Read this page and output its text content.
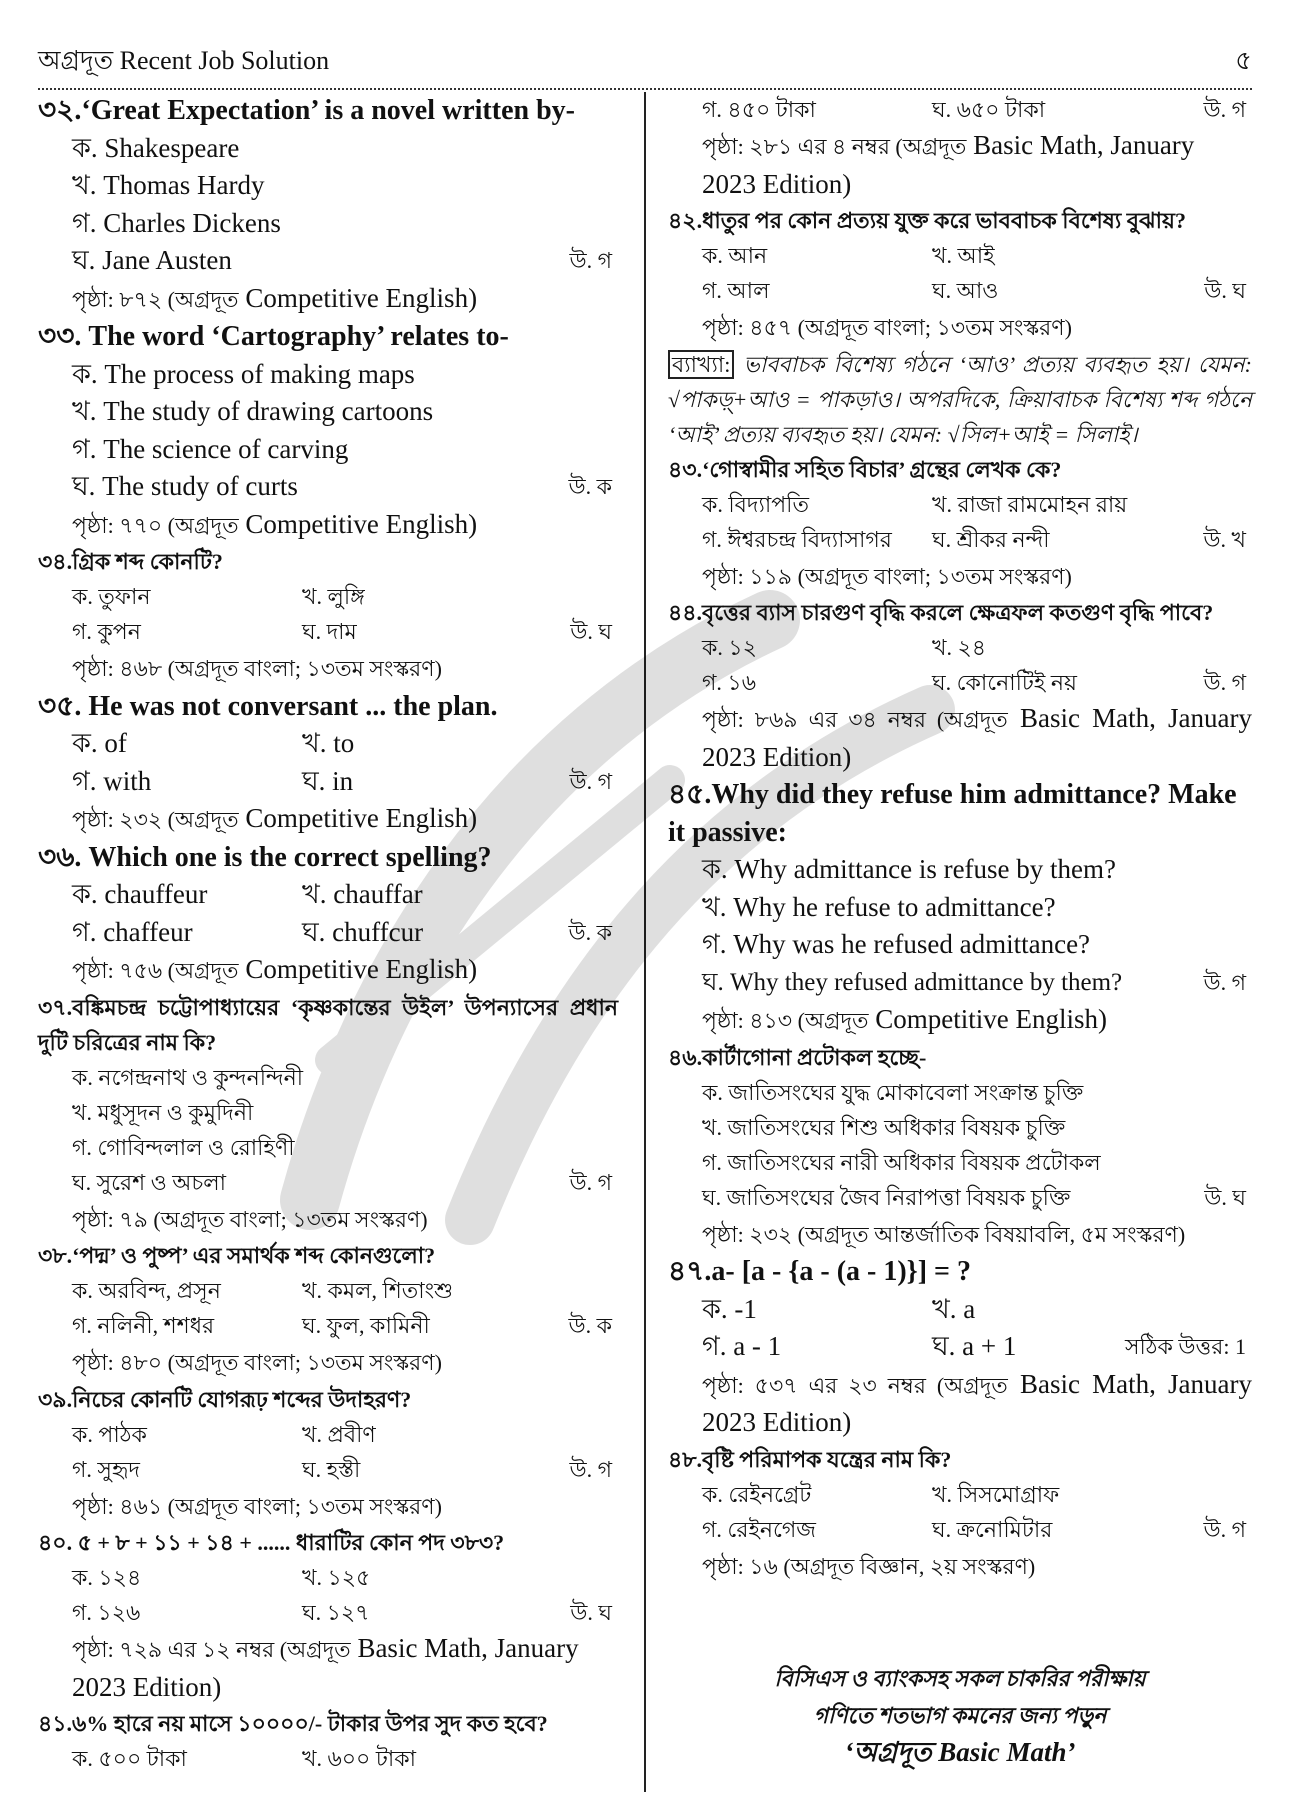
অগ্রদূত Recent Job Solution	৫
৩২.‘Great Expectation’ is a novel written by-
ক. Shakespeare
খ. Thomas Hardy
গ. Charles Dickens
ঘ. Jane Austen	উ. গ
পৃষ্ঠা: ৮৭২ (অগ্রদূত Competitive English)
৩৩. The word ‘Cartography’ relates to-
ক. The process of making maps
খ. The study of drawing cartoons
গ. The science of carving
ঘ. The study of curts	উ. ক
পৃষ্ঠা: ৭৭০ (অগ্রদূত Competitive English)
৩৪.গ্রিক শব্দ কোনটি?
ক. তুফান	খ. লুঙ্গি
গ. কুপন	ঘ. দাম	উ. ঘ
পৃষ্ঠা: ৪৬৮ (অগ্রদূত বাংলা; ১৩তম সংস্করণ)
৩৫. He was not conversant ... the plan.
ক. of	খ. to
গ. with	ঘ. in	উ. গ
পৃষ্ঠা: ২৩২ (অগ্রদূত Competitive English)
৩৬. Which one is the correct spelling?
ক. chauffeur	খ. chauffar
গ. chaffeur	ঘ. chuffcur	উ. ক
পৃষ্ঠা: ৭৫৬ (অগ্রদূত Competitive English)
৩৭.বঙ্কিমচন্দ্র চট্টোপাধ্যায়ের ‘কৃষ্ণকান্তের উইল’ উপন্যাসের প্রধান দুটি চরিত্রের নাম কি?
ক. নগেন্দ্রনাথ ও কুন্দনন্দিনী
খ. মধুসূদন ও কুমুদিনী
গ. গোবিন্দলাল ও রোহিণী
ঘ. সুরেশ ও অচলা	উ. গ
পৃষ্ঠা: ৭৯ (অগ্রদূত বাংলা; ১৩তম সংস্করণ)
৩৮.‘পদ্ম’ ও পুষ্প’ এর সমার্থক শব্দ কোনগুলো?
ক. অরবিন্দ, প্রসূন	খ. কমল, শিতাংশু
গ. নলিনী, শশধর	ঘ. ফুল, কামিনী	উ. ক
পৃষ্ঠা: ৪৮০ (অগ্রদূত বাংলা; ১৩তম সংস্করণ)
৩৯.নিচের কোনটি যোগরূঢ় শব্দের উদাহরণ?
ক. পাঠক	খ. প্রবীণ
গ. সুহৃদ	ঘ. হস্তী	উ. গ
পৃষ্ঠা: ৪৬১ (অগ্রদূত বাংলা; ১৩তম সংস্করণ)
৪০. ৫ + ৮ + ১১ + ১৪ + ...... ধারাটির কোন পদ ৩৮৩?
ক. ১২৪	খ. ১২৫
গ. ১২৬	ঘ. ১২৭	উ. ঘ
পৃষ্ঠা: ৭২৯ এর ১২ নম্বর (অগ্রদূত Basic Math, January 2023 Edition)
৪১.৬% হারে নয় মাসে ১০০০০/- টাকার উপর সুদ কত হবে?
ক. ৫০০ টাকা	খ. ৬০০ টাকা
গ. ৪৫০ টাকা	ঘ. ৬৫০ টাকা	উ. গ
পৃষ্ঠা: ২৮১ এর ৪ নম্বর (অগ্রদূত Basic Math, January 2023 Edition)
৪২.ধাতুর পর কোন প্রত্যয় যুক্ত করে ভাববাচক বিশেষ্য বুঝায়?
ক. আন	খ. আই
গ. আল	ঘ. আও	উ. ঘ
পৃষ্ঠা: ৪৫৭ (অগ্রদূত বাংলা; ১৩তম সংস্করণ)
ব্যাখ্যা: ভাববাচক বিশেষ্য গঠনে ‘আও’ প্রত্যয় ব্যবহৃত হয়। যেমন: √পাকড়্+আও = পাকড়াও। অপরদিকে, ক্রিয়াবাচক বিশেষ্য শব্দ গঠনে ‘আই’ প্রত্যয় ব্যবহৃত হয়। যেমন: √সিল+আই = সিলাই।
৪৩.‘গোস্বামীর সহিত বিচার’ গ্রন্থের লেখক কে?
ক. বিদ্যাপতি	খ. রাজা রামমোহন রায়
গ. ঈশ্বরচন্দ্র বিদ্যাসাগর	ঘ. শ্রীকর নন্দী	উ. খ
পৃষ্ঠা: ১১৯ (অগ্রদূত বাংলা; ১৩তম সংস্করণ)
৪৪.বৃত্তের ব্যাস চারগুণ বৃদ্ধি করলে ক্ষেত্রফল কতগুণ বৃদ্ধি পাবে?
ক. ১২	খ. ২৪
গ. ১৬	ঘ. কোনোটিই নয়	উ. গ
পৃষ্ঠা: ৮৬৯ এর ৩৪ নম্বর (অগ্রদূত Basic Math, January 2023 Edition)
৪৫.Why did they refuse him admittance? Make it passive:
ক. Why admittance is refuse by them?
খ. Why he refuse to admittance?
গ. Why was he refused admittance?
ঘ. Why they refused admittance by them?	উ. গ
পৃষ্ঠা: ৪১৩ (অগ্রদূত Competitive English)
৪৬.কার্টাগোনা প্রটোকল হচ্ছে-
ক. জাতিসংঘের যুদ্ধ মোকাবেলা সংক্রান্ত চুক্তি
খ. জাতিসংঘের শিশু অধিকার বিষয়ক চুক্তি
গ. জাতিসংঘের নারী অধিকার বিষয়ক প্রটোকল
ঘ. জাতিসংঘের জৈব নিরাপত্তা বিষয়ক চুক্তি	উ. ঘ
পৃষ্ঠা: ২৩২ (অগ্রদূত আন্তর্জাতিক বিষয়াবলি, ৫ম সংস্করণ)
৪৭.a- [a - {a - (a - 1)}] = ?
ক. -1	খ. a
গ. a - 1	ঘ. a + 1	সঠিক উত্তর: 1
পৃষ্ঠা: ৫৩৭ এর ২৩ নম্বর (অগ্রদূত Basic Math, January 2023 Edition)
৪৮.বৃষ্টি পরিমাপক যন্ত্রের নাম কি?
ক. রেইনগ্রেট	খ. সিসমোগ্রাফ
গ. রেইনগেজ	ঘ. ক্রনোমিটার	উ. গ
পৃষ্ঠা: ১৬ (অগ্রদূত বিজ্ঞান, ২য় সংস্করণ)
বিসিএস ও ব্যাংকসহ সকল চাকরির পরীক্ষায়
গণিতে শতভাগ কমনের জন্য পড়ুন
‘অগ্রদূত Basic Math’
